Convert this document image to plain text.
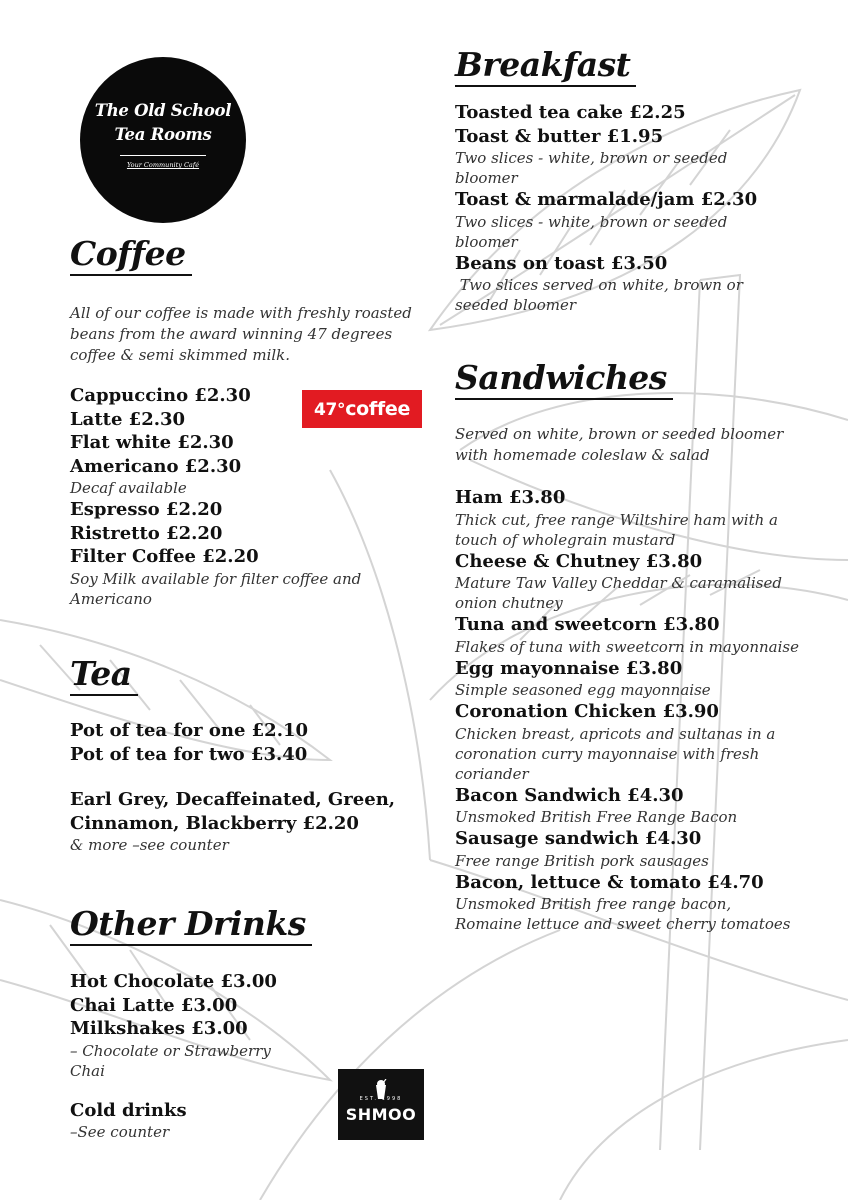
The Old School
Tea Rooms
Your Community Café
Coffee
All of our coffee is made with freshly roasted beans from the award winning 47 degrees coffee & semi skimmed milk.
47°coffee
Cappuccino £2.30
Latte £2.30
Flat white £2.30
Americano £2.30
Decaf available
Espresso £2.20
Ristretto £2.20
Filter Coffee £2.20
Soy Milk available for filter coffee and Americano
Tea
Pot of tea for one £2.10
Pot of tea for two £3.40
Earl Grey, Decaffeinated, Green,
Cinnamon, Blackberry £2.20
& more –see counter
Other Drinks
Hot Chocolate £3.00
Chai Latte £3.00
Milkshakes £3.00
– Chocolate or Strawberry Chai
Cold drinks
–See counter
EST. 1998
SHMOO
Breakfast
Toasted tea cake £2.25
Toast & butter £1.95
Two slices - white, brown or seeded bloomer
Toast & marmalade/jam £2.30
Two slices - white, brown or seeded bloomer
Beans on toast £3.50
Two slices served on white, brown or seeded bloomer
Sandwiches
Served on white, brown or seeded bloomer with homemade coleslaw & salad
Ham £3.80
Thick cut, free range Wiltshire ham with a touch of wholegrain mustard
Cheese & Chutney £3.80
Mature Taw Valley Cheddar & caramalised onion chutney
Tuna and sweetcorn £3.80
Flakes of tuna with sweetcorn in mayonnaise
Egg mayonnaise £3.80
Simple seasoned egg mayonnaise
Coronation Chicken £3.90
Chicken breast, apricots and sultanas in a coronation curry mayonnaise with fresh coriander
Bacon Sandwich £4.30
Unsmoked British Free Range Bacon
Sausage sandwich £4.30
Free range British pork sausages
Bacon, lettuce & tomato £4.70
Unsmoked British free range bacon, Romaine lettuce and sweet cherry tomatoes
